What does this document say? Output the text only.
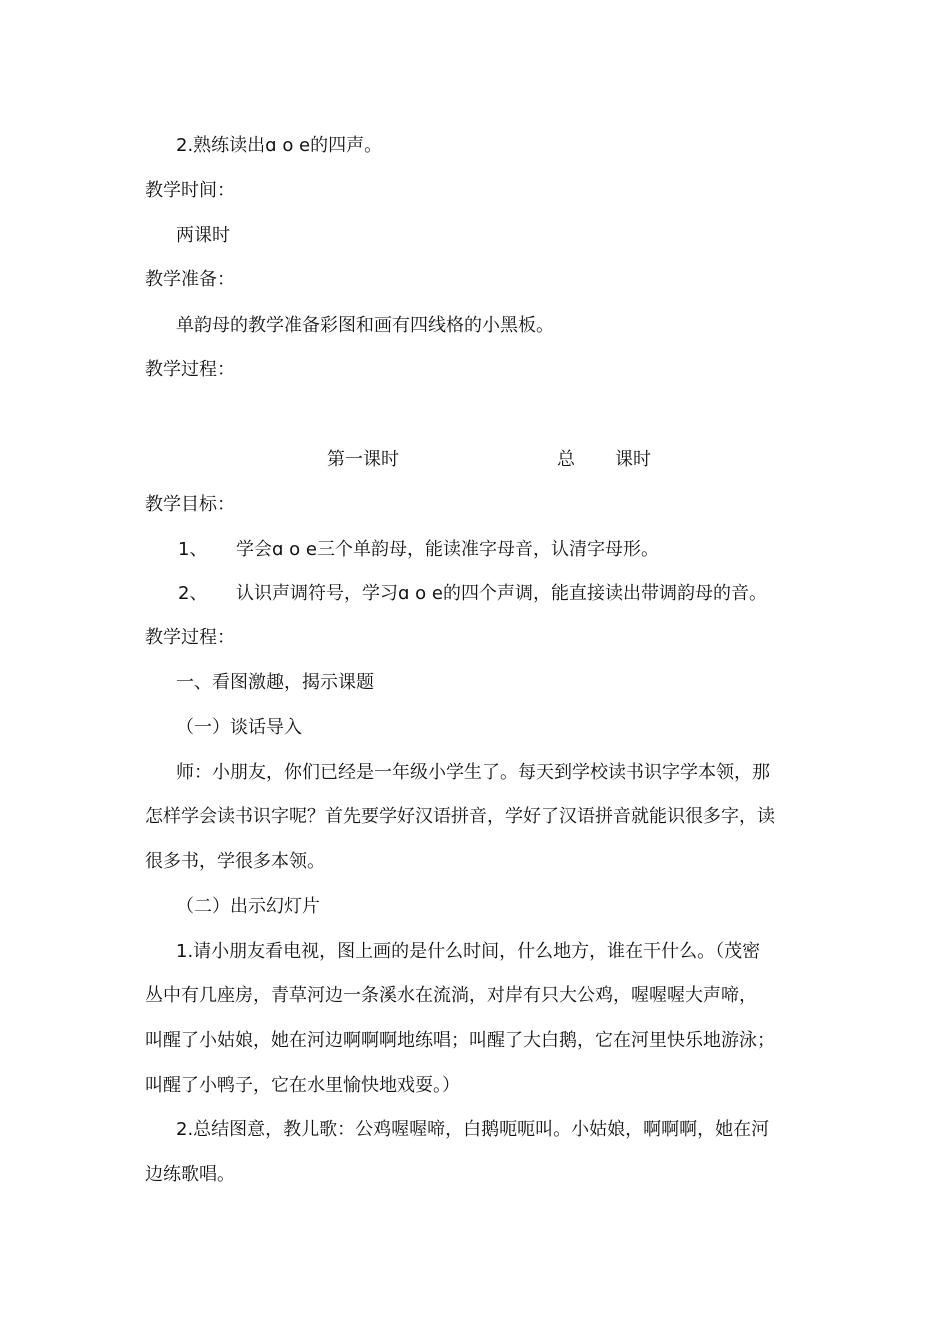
2.熟练读出ɑ o e的四声。

教学时间：

两课时

教学准备：

单韵母的教学准备彩图和画有四线格的小黑板。

教学过程：

第一课时	总 课时

教学目标：

1、 学会ɑ o e三个单韵母，能读准字母音，认清字母形。
2、 认识声调符号，学习ɑ o e的四个声调，能直接读出带调韵母的音。

教学过程：

一、看图激趣，揭示课题

（一）谈话导入

师：小朋友，你们已经是一年级小学生了。每天到学校读书识字学本领，那

怎样学会读书识字呢？首先要学好汉语拼音，学好了汉语拼音就能识很多字，读

很多书，学很多本领。

（二）出示幻灯片

1.请小朋友看电视，图上画的是什么时间，什么地方，谁在干什么。（茂密

丛中有几座房，青草河边一条溪水在流淌，对岸有只大公鸡，喔喔喔大声啼，

叫醒了小姑娘，她在河边啊啊啊地练唱；叫醒了大白鹅，它在河里快乐地游泳；

叫醒了小鸭子，它在水里愉快地戏耍。）

2.总结图意，教儿歌：公鸡喔喔啼，白鹅呃呃叫。小姑娘，啊啊啊，她在河

边练歌唱。
